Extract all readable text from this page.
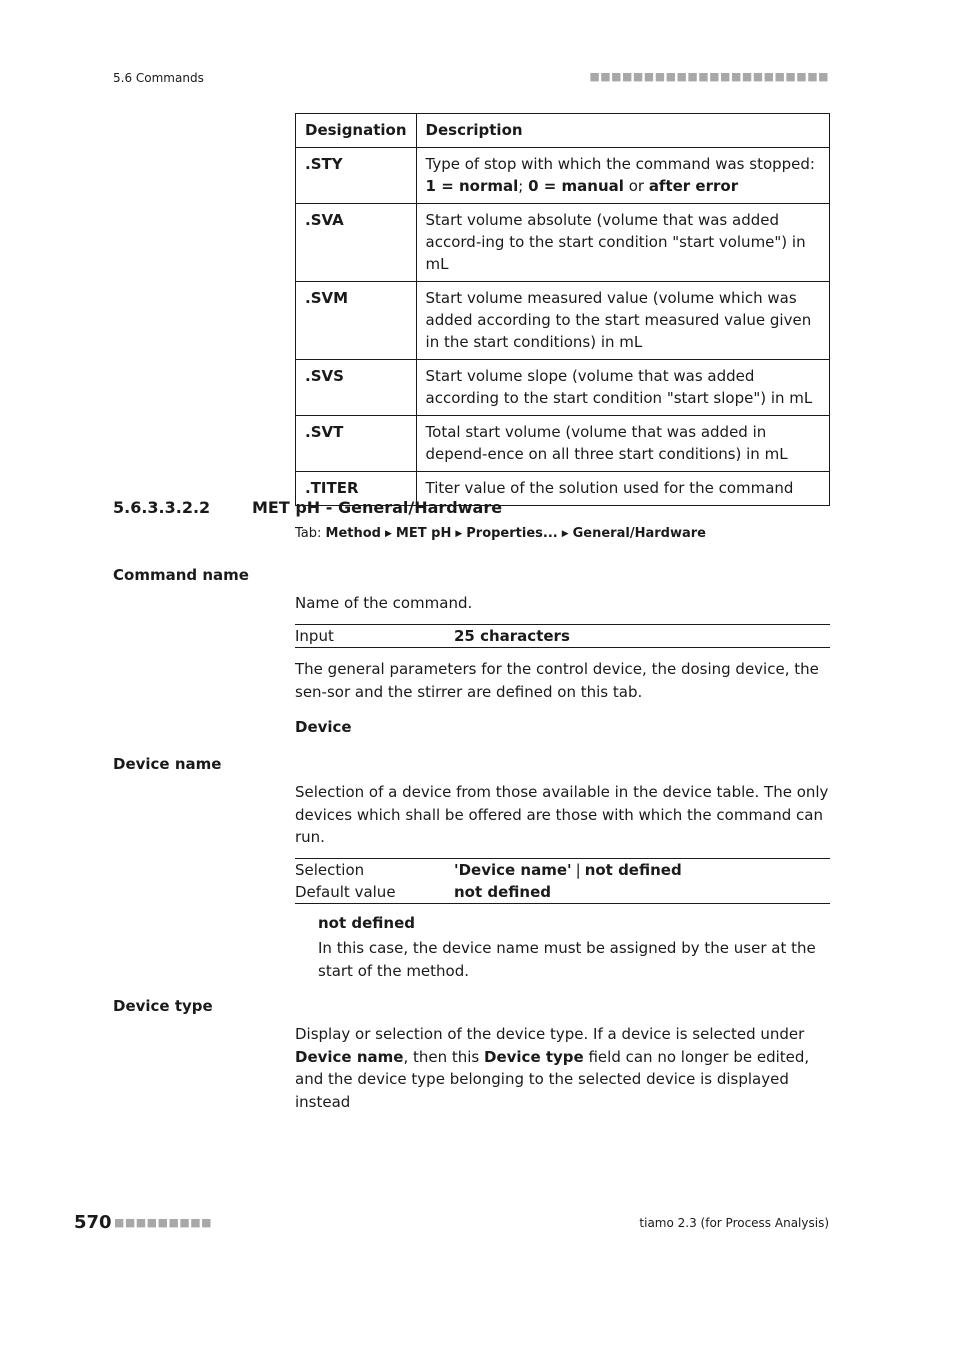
5.6 Commands	■■■■■■■■■■■■■■■■■■■■■■
Designation	Description
.STY	Type of stop with which the command was stopped: 1 = normal; 0 = manual or after error
.SVA	Start volume absolute (volume that was added accord-ing to the start condition "start volume") in mL
.SVM	Start volume measured value (volume which was added according to the start measured value given in the start conditions) in mL
.SVS	Start volume slope (volume that was added according to the start condition "start slope") in mL
.SVT	Total start volume (volume that was added in depend-ence on all three start conditions) in mL
.TITER	Titer value of the solution used for the command
5.6.3.3.2.2	MET pH - General/Hardware
Tab: Method ▶ MET pH ▶ Properties... ▶ General/Hardware
Command name
Name of the command.
Input	25 characters
The general parameters for the control device, the dosing device, the sen-sor and the stirrer are defined on this tab.
Device
Device name
Selection of a device from those available in the device table. The only devices which shall be offered are those with which the command can run.
Selection	'Device name' | not defined
Default value	not defined
not defined
In this case, the device name must be assigned by the user at the start of the method.
Device type
Display or selection of the device type. If a device is selected under Device name, then this Device type field can no longer be edited, and the device type belonging to the selected device is displayed instead
570 ■■■■■■■■■	tiamo 2.3 (for Process Analysis)
